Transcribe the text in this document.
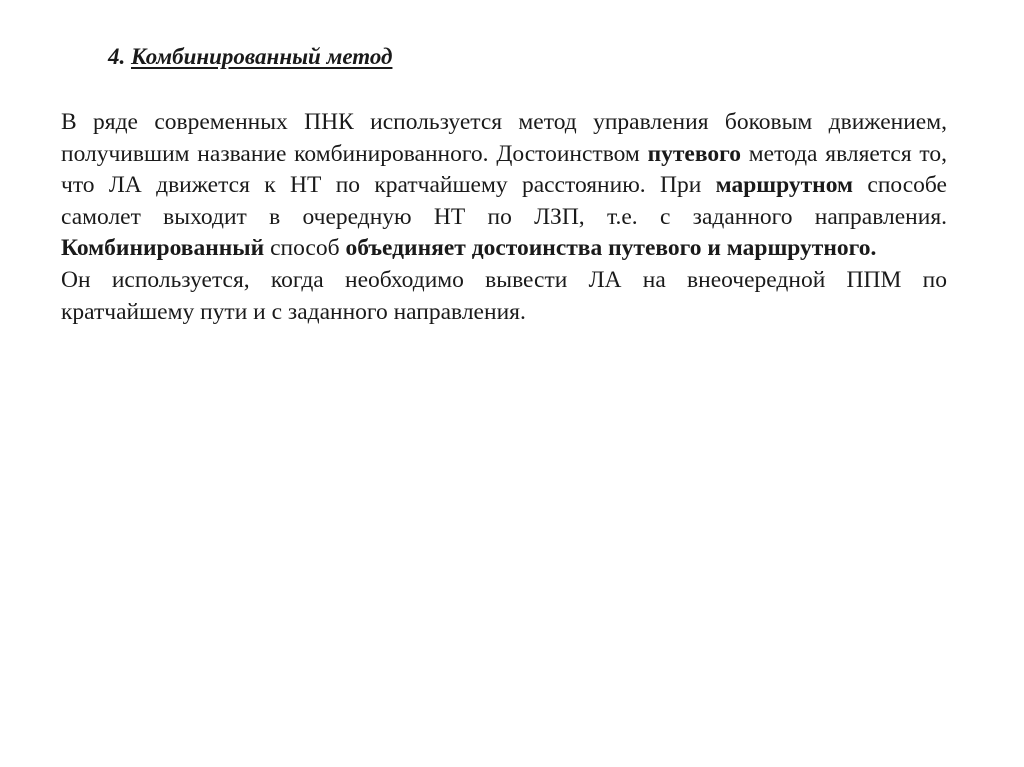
4. Комбинированный метод

В ряде современных ПНК используется метод управления боковым движением, получившим название комбинированного. Достоинством путевого метода является то, что ЛА движется к НТ по кратчайшему расстоянию. При маршрутном способе самолет выходит в очередную НТ по ЛЗП, т.е. с заданного направления. Комбинированный способ объединяет достоинства путевого и маршрутного.

Он используется, когда необходимо вывести ЛА на внеочередной ППМ по кратчайшему пути и с заданного направления.
